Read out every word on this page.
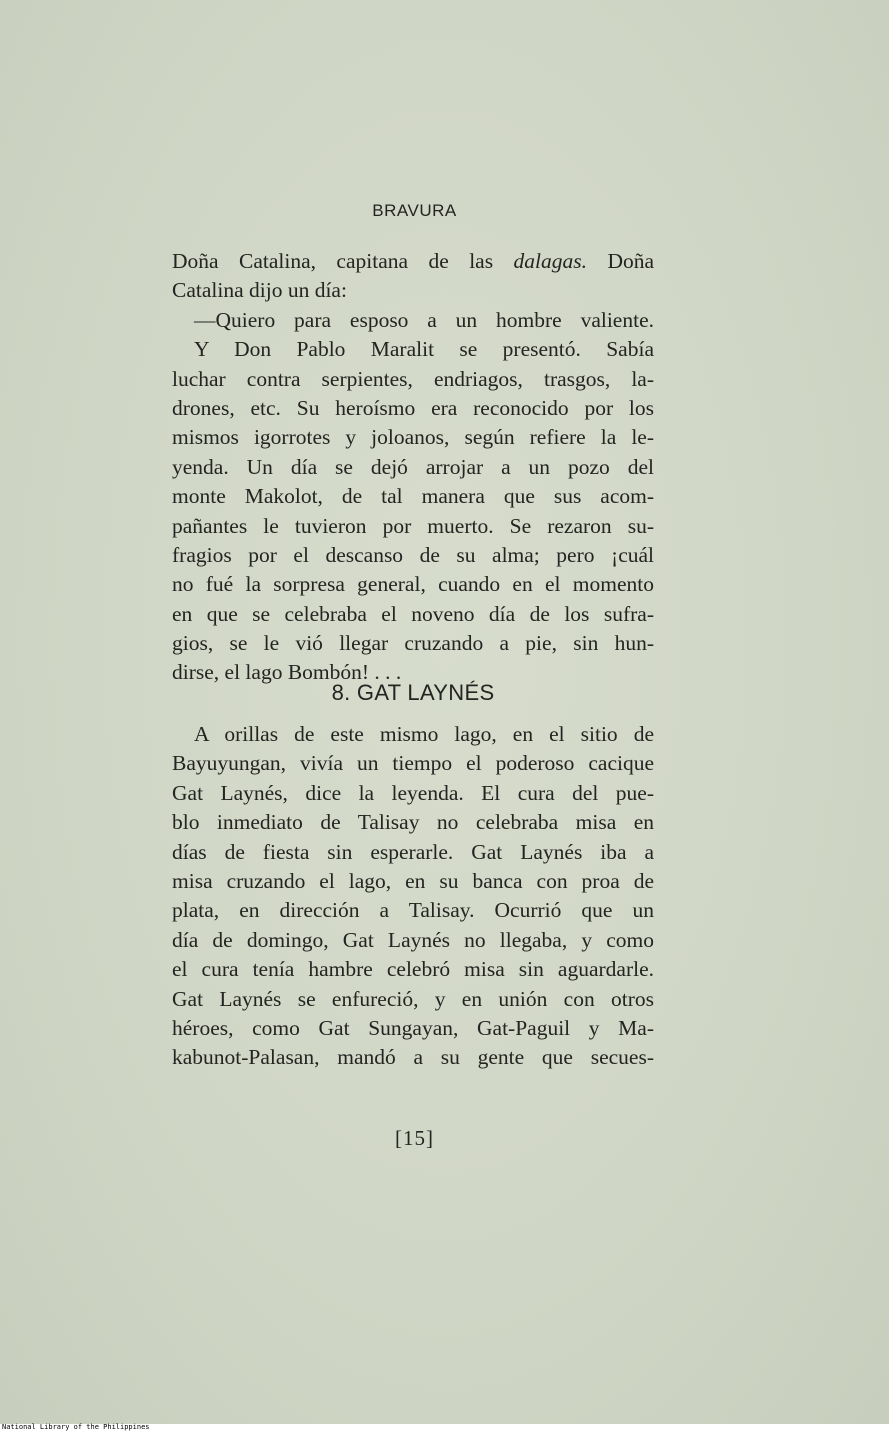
BRAVURA
Doña Catalina, capitana de las dalagas. Doña
Catalina dijo un día:
—Quiero para esposo a un hombre valiente.
Y Don Pablo Maralit se presentó. Sabía
luchar contra serpientes, endriagos, trasgos, la-
drones, etc. Su heroísmo era reconocido por los
mismos igorrotes y joloanos, según refiere la le-
yenda. Un día se dejó arrojar a un pozo del
monte Makolot, de tal manera que sus acom-
pañantes le tuvieron por muerto. Se rezaron su-
fragios por el descanso de su alma; pero ¡cuál
no fué la sorpresa general, cuando en el momento
en que se celebraba el noveno día de los sufra-
gios, se le vió llegar cruzando a pie, sin hun-
dirse, el lago Bombón! . . .
8. GAT LAYNÉS
A orillas de este mismo lago, en el sitio de
Bayuyungan, vivía un tiempo el poderoso cacique
Gat Laynés, dice la leyenda. El cura del pue-
blo inmediato de Talisay no celebraba misa en
días de fiesta sin esperarle. Gat Laynés iba a
misa cruzando el lago, en su banca con proa de
plata, en dirección a Talisay. Ocurrió que un
día de domingo, Gat Laynés no llegaba, y como
el cura tenía hambre celebró misa sin aguardarle.
Gat Laynés se enfureció, y en unión con otros
héroes, como Gat Sungayan, Gat-Paguil y Ma-
kabunot-Palasan, mandó a su gente que secues-
[15]
National Library of the Philippines
